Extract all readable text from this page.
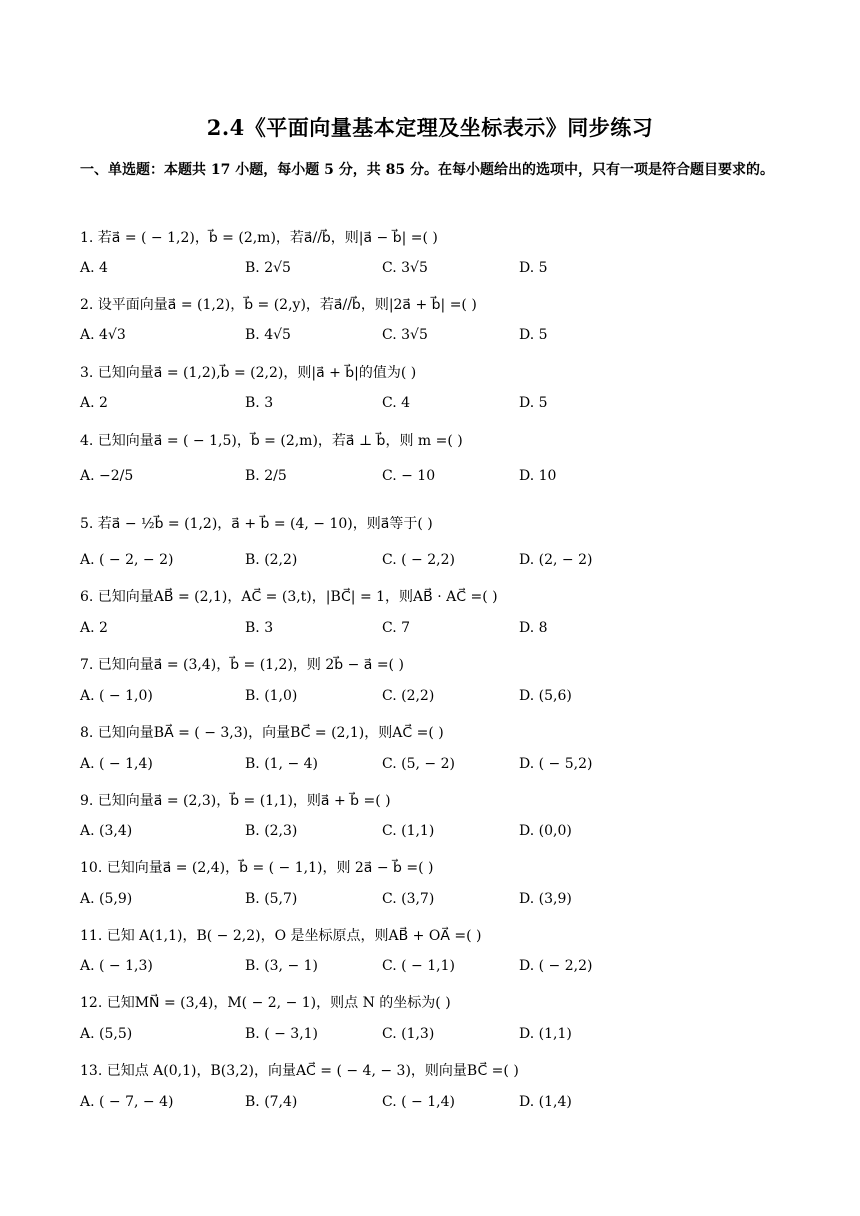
2.4《平面向量基本定理及坐标表示》同步练习
一、单选题：本题共 17 小题，每小题 5 分，共 85 分。在每小题给出的选项中，只有一项是符合题目要求的。
1. 若a⃗ = ( − 1,2)，b⃗ = (2,m)，若a⃗//b⃗，则|a⃗ − b⃗| =( )
A. 4	B. 2√5	C. 3√5	D. 5
2. 设平面向量a⃗ = (1,2)，b⃗ = (2,y)，若a⃗//b⃗，则|2a⃗ + b⃗| =( )
A. 4√3	B. 4√5	C. 3√5	D. 5
3. 已知向量a⃗ = (1,2),b⃗ = (2,2)，则|a⃗ + b⃗|的值为( )
A. 2	B. 3	C. 4	D. 5
4. 已知向量a⃗ = ( − 1,5)，b⃗ = (2,m)，若a⃗ ⊥ b⃗，则 m =( )
A. −2/5	B. 2/5	C. − 10	D. 10
5. 若a⃗ − ½b⃗ = (1,2)，a⃗ + b⃗ = (4, − 10)，则a⃗等于( )
A. ( − 2, − 2)	B. (2,2)	C. ( − 2,2)	D. (2, − 2)
6. 已知向量AB⃗ = (2,1)，AC⃗ = (3,t)，|BC⃗| = 1，则AB⃗ · AC⃗ =( )
A. 2	B. 3	C. 7	D. 8
7. 已知向量a⃗ = (3,4)，b⃗ = (1,2)，则 2b⃗ − a⃗ =( )
A. ( − 1,0)	B. (1,0)	C. (2,2)	D. (5,6)
8. 已知向量BA⃗ = ( − 3,3)，向量BC⃗ = (2,1)，则AC⃗ =( )
A. ( − 1,4)	B. (1, − 4)	C. (5, − 2)	D. ( − 5,2)
9. 已知向量a⃗ = (2,3)，b⃗ = (1,1)，则a⃗ + b⃗ =( )
A. (3,4)	B. (2,3)	C. (1,1)	D. (0,0)
10. 已知向量a⃗ = (2,4)，b⃗ = ( − 1,1)，则 2a⃗ − b⃗ =( )
A. (5,9)	B. (5,7)	C. (3,7)	D. (3,9)
11. 已知 A(1,1)，B( − 2,2)，O 是坐标原点，则AB⃗ + OA⃗ =( )
A. ( − 1,3)	B. (3, − 1)	C. ( − 1,1)	D. ( − 2,2)
12. 已知MN⃗ = (3,4)，M( − 2, − 1)，则点 N 的坐标为( )
A. (5,5)	B. ( − 3,1)	C. (1,3)	D. (1,1)
13. 已知点 A(0,1)，B(3,2)，向量AC⃗ = ( − 4, − 3)，则向量BC⃗ =( )
A. ( − 7, − 4)	B. (7,4)	C. ( − 1,4)	D. (1,4)
